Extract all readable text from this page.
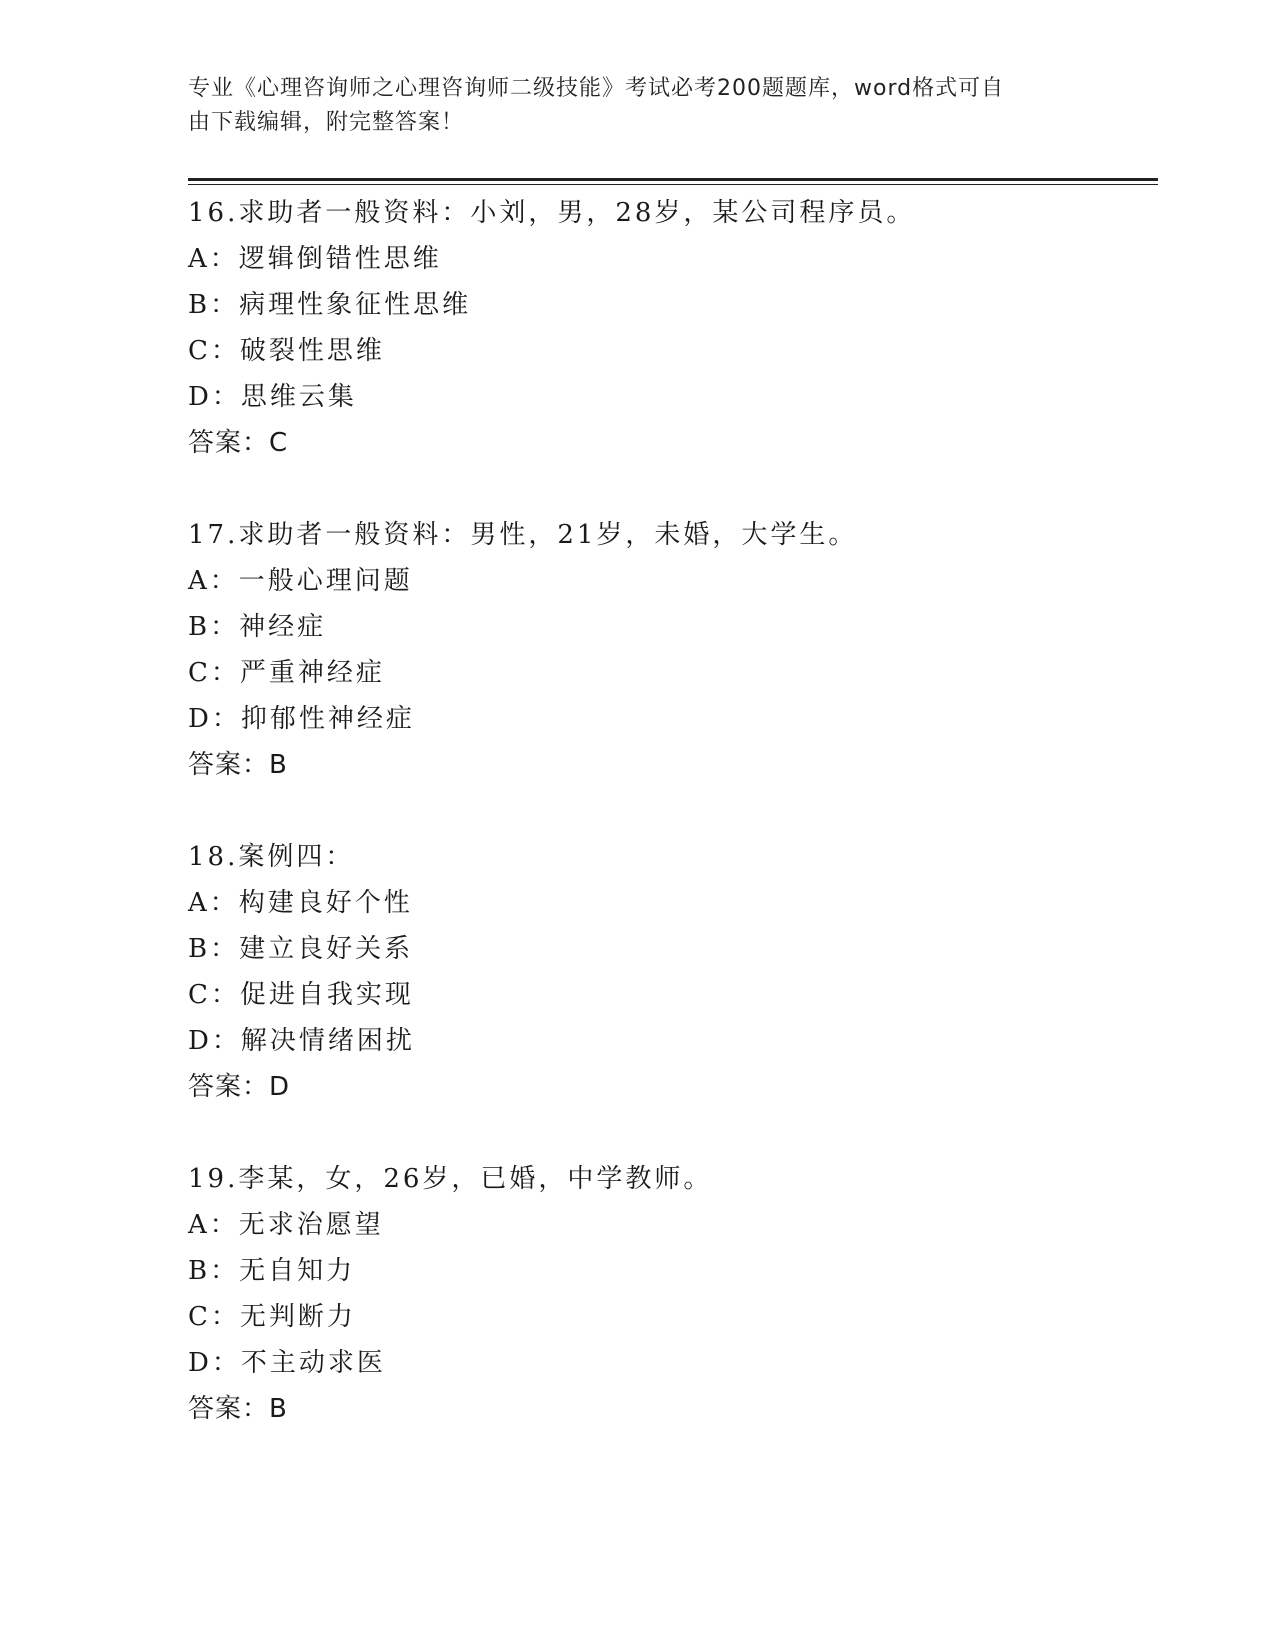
专业《心理咨询师之心理咨询师二级技能》考试必考200题题库，word格式可自
由下载编辑，附完整答案！
16.求助者一般资料：小刘，男，28岁，某公司程序员。
A：逻辑倒错性思维
B：病理性象征性思维
C：破裂性思维
D：思维云集
答案：C
17.求助者一般资料：男性，21岁，未婚，大学生。
A：一般心理问题
B：神经症
C：严重神经症
D：抑郁性神经症
答案：B
18.案例四：
A：构建良好个性
B：建立良好关系
C：促进自我实现
D：解决情绪困扰
答案：D
19.李某，女，26岁，已婚，中学教师。
A：无求治愿望
B：无自知力
C：无判断力
D：不主动求医
答案：B
